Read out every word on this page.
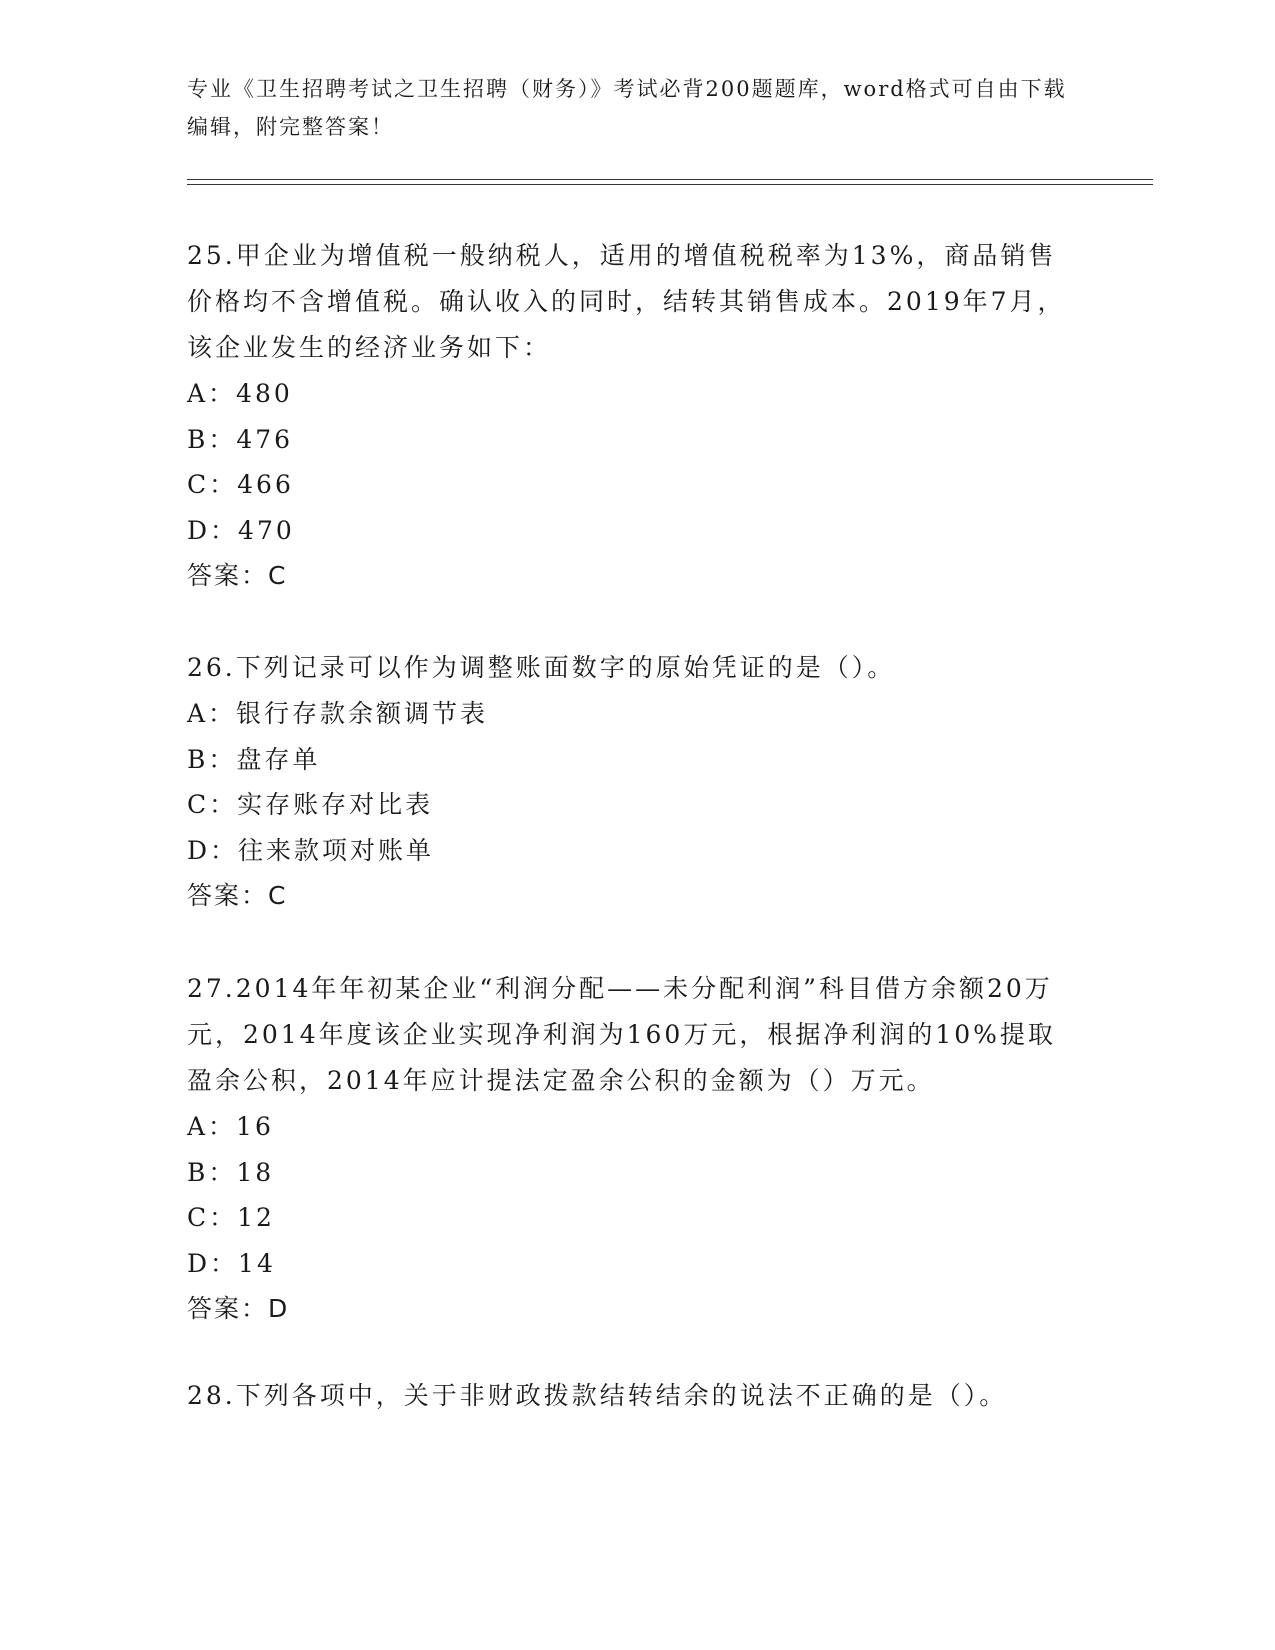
专业《卫生招聘考试之卫生招聘（财务）》考试必背200题题库，word格式可自由下载编辑，附完整答案！

25.甲企业为增值税一般纳税人，适用的增值税税率为13%，商品销售价格均不含增值税。确认收入的同时，结转其销售成本。2019年7月，该企业发生的经济业务如下：

A：480

B：476

C：466

D：470

答案：C

26.下列记录可以作为调整账面数字的原始凭证的是（）。

A：银行存款余额调节表

B：盘存单

C：实存账存对比表

D：往来款项对账单

答案：C

27.2014年年初某企业“利润分配——未分配利润”科目借方余额20万元，2014年度该企业实现净利润为160万元，根据净利润的10%提取盈余公积，2014年应计提法定盈余公积的金额为（）万元。

A：16

B：18

C：12

D：14

答案：D

28.下列各项中，关于非财政拨款结转结余的说法不正确的是（）。
